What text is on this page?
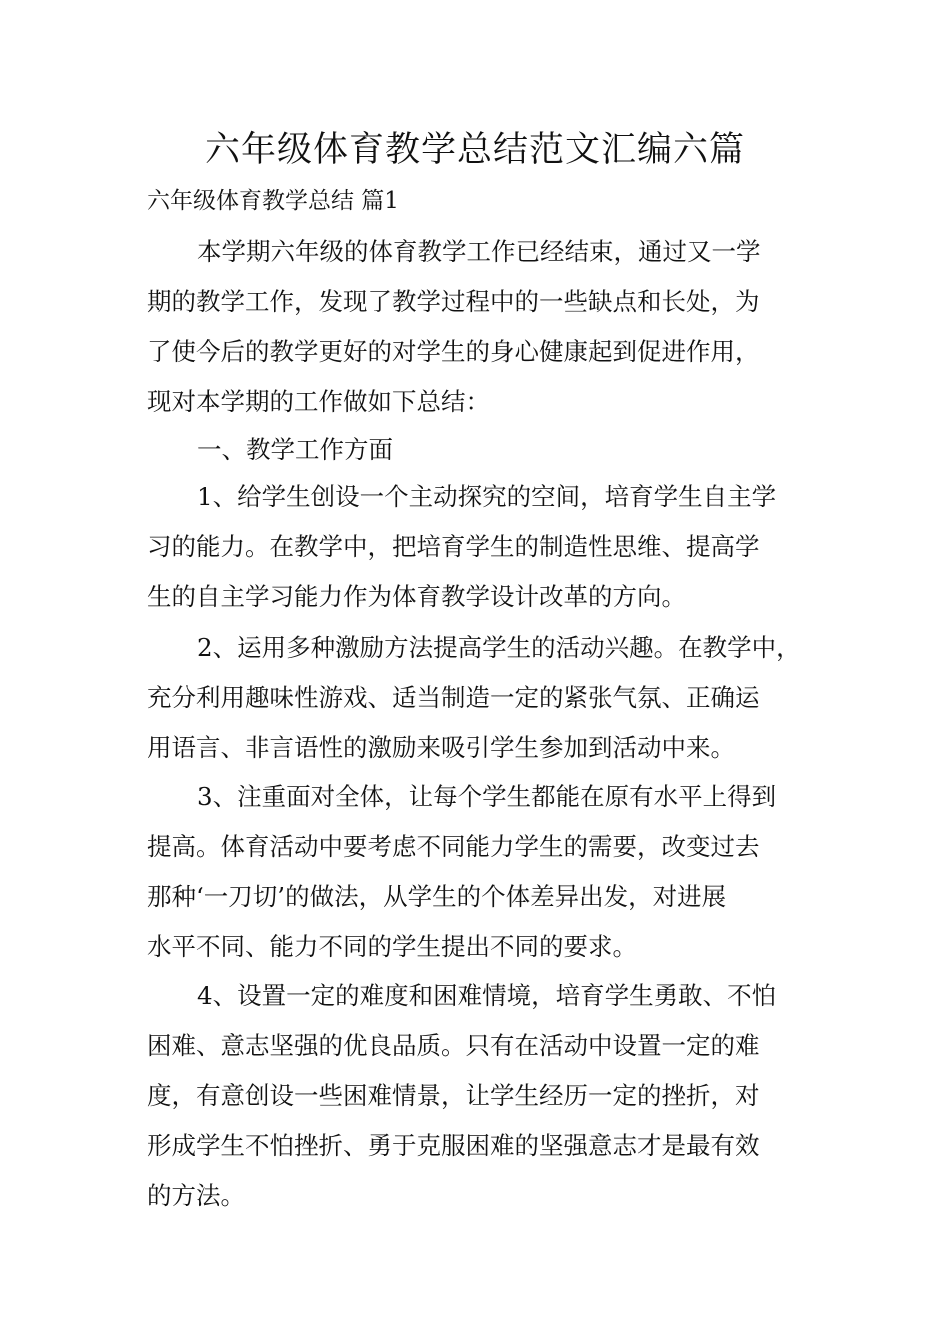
六年级体育教学总结范文汇编六篇
六年级体育教学总结 篇1
本学期六年级的体育教学工作已经结束，通过又一学
期的教学工作，发现了教学过程中的一些缺点和长处，为
了使今后的教学更好的对学生的身心健康起到促进作用，
现对本学期的工作做如下总结：
一、教学工作方面
1、给学生创设一个主动探究的空间，培育学生自主学
习的能力。在教学中，把培育学生的制造性思维、提高学
生的自主学习能力作为体育教学设计改革的方向。
2、运用多种激励方法提高学生的活动兴趣。在教学中，
充分利用趣味性游戏、适当制造一定的紧张气氛、正确运
用语言、非言语性的激励来吸引学生参加到活动中来。
3、注重面对全体，让每个学生都能在原有水平上得到
提高。体育活动中要考虑不同能力学生的需要，改变过去
那种‘一刀切’的做法，从学生的个体差异出发，对进展
水平不同、能力不同的学生提出不同的要求。
4、设置一定的难度和困难情境，培育学生勇敢、不怕
困难、意志坚强的优良品质。只有在活动中设置一定的难
度，有意创设一些困难情景，让学生经历一定的挫折，对
形成学生不怕挫折、勇于克服困难的坚强意志才是最有效
的方法。
